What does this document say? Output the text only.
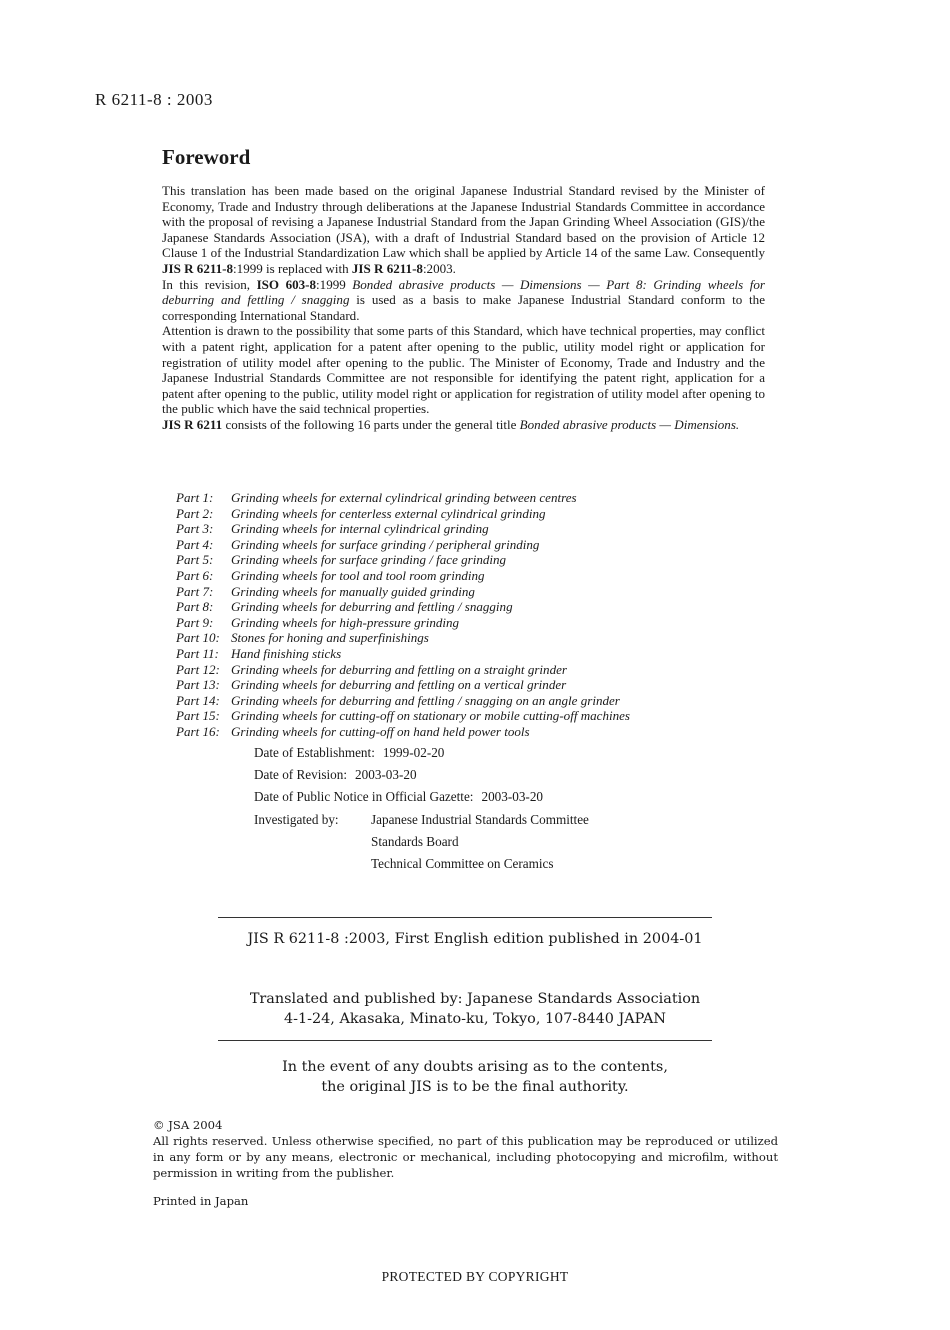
R 6211-8 : 2003
Foreword

This translation has been made based on the original Japanese Industrial Standard revised by the Minister of Economy, Trade and Industry through deliberations at the Japanese Industrial Standards Committee in accordance with the proposal of revising a Japanese Industrial Standard from the Japan Grinding Wheel Association (GIS)/the Japanese Standards Association (JSA), with a draft of Industrial Standard based on the provision of Article 12 Clause 1 of the Industrial Standardization Law which shall be applied by Article 14 of the same Law. Consequently JIS R 6211-8:1999 is replaced with JIS R 6211-8:2003.

In this revision, ISO 603-8:1999 Bonded abrasive products — Dimensions — Part 8: Grinding wheels for deburring and fettling / snagging is used as a basis to make Japanese Industrial Standard conform to the corresponding International Standard.

Attention is drawn to the possibility that some parts of this Standard, which have technical properties, may conflict with a patent right, application for a patent after opening to the public, utility model right or application for registration of utility model after opening to the public. The Minister of Economy, Trade and Industry and the Japanese Industrial Standards Committee are not responsible for identifying the patent right, application for a patent after opening to the public, utility model right or application for registration of utility model after opening to the public which have the said technical properties.

JIS R 6211 consists of the following 16 parts under the general title Bonded abrasive products — Dimensions.

Part 1:	Grinding wheels for external cylindrical grinding between centres
Part 2:	Grinding wheels for centerless external cylindrical grinding
Part 3:	Grinding wheels for internal cylindrical grinding
Part 4:	Grinding wheels for surface grinding / peripheral grinding
Part 5:	Grinding wheels for surface grinding / face grinding
Part 6:	Grinding wheels for tool and tool room grinding
Part 7:	Grinding wheels for manually guided grinding
Part 8:	Grinding wheels for deburring and fettling / snagging
Part 9:	Grinding wheels for high-pressure grinding
Part 10: Stones for honing and superfinishings
Part 11: Hand finishing sticks
Part 12: Grinding wheels for deburring and fettling on a straight grinder
Part 13: Grinding wheels for deburring and fettling on a vertical grinder
Part 14: Grinding wheels for deburring and fettling / snagging on an angle grinder
Part 15: Grinding wheels for cutting-off on stationary or mobile cutting-off machines
Part 16: Grinding wheels for cutting-off on hand held power tools
Date of Establishment: 1999-02-20
Date of Revision: 2003-03-20
Date of Public Notice in Official Gazette: 2003-03-20
Investigated by:	Japanese Industrial Standards Committee
Standards Board
Technical Committee on Ceramics
JIS R 6211-8 :2003, First English edition published in 2004-01
Translated and published by: Japanese Standards Association
4-1-24, Akasaka, Minato-ku, Tokyo, 107-8440 JAPAN
In the event of any doubts arising as to the contents,
the original JIS is to be the final authority.

© JSA 2004

All rights reserved. Unless otherwise specified, no part of this publication may be reproduced or utilized in any form or by any means, electronic or mechanical, including photocopying and microfilm, without permission in writing from the publisher.

Printed in Japan
PROTECTED BY COPYRIGHT
